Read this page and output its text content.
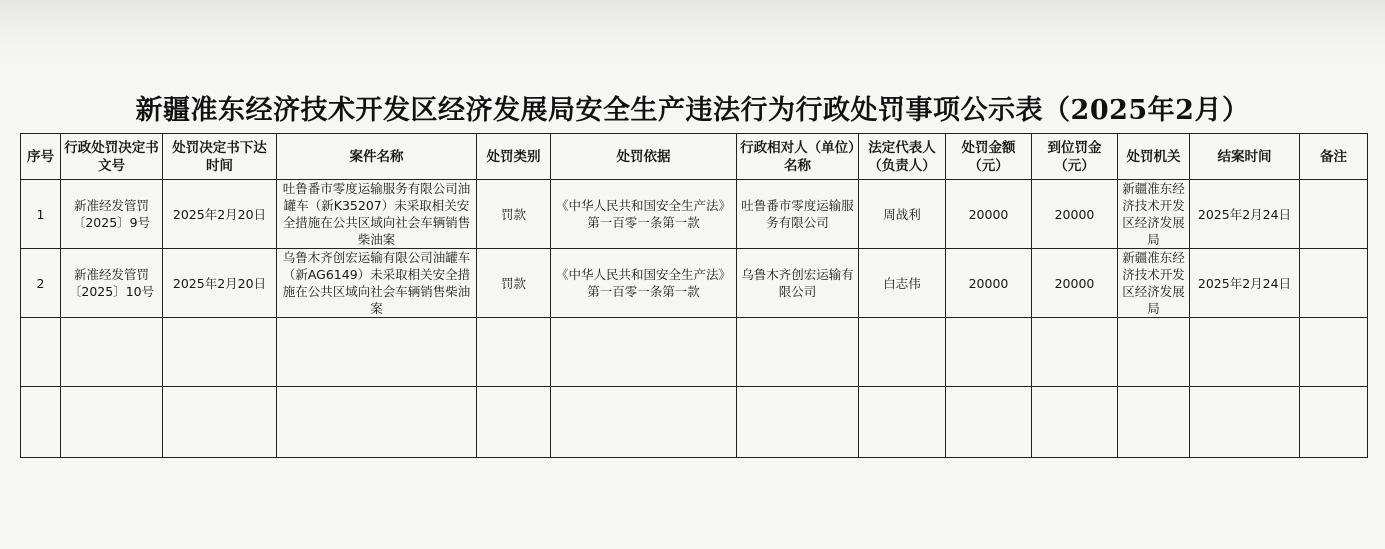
新疆准东经济技术开发区经济发展局安全生产违法行为行政处罚事项公示表（2025年2月）
序号	行政处罚决定书文号	处罚决定书下达时间	案件名称	处罚类别	处罚依据	行政相对人（单位）名称	法定代表人（负责人）	处罚金额（元）	到位罚金（元）	处罚机关	结案时间	备注
1	新准经发管罚〔2025〕9号	2025年2月20日	吐鲁番市零度运输服务有限公司油罐车（新K35207）未采取相关安全措施在公共区域向社会车辆销售柴油案	罚款	《中华人民共和国安全生产法》第一百零一条第一款	吐鲁番市零度运输服务有限公司	周战利	20000	20000	新疆准东经济技术开发区经济发展局	2025年2月24日	
2	新准经发管罚〔2025〕10号	2025年2月20日	乌鲁木齐创宏运输有限公司油罐车（新AG6149）未采取相关安全措施在公共区域向社会车辆销售柴油案	罚款	《中华人民共和国安全生产法》第一百零一条第一款	乌鲁木齐创宏运输有限公司	白志伟	20000	20000	新疆准东经济技术开发区经济发展局	2025年2月24日	
